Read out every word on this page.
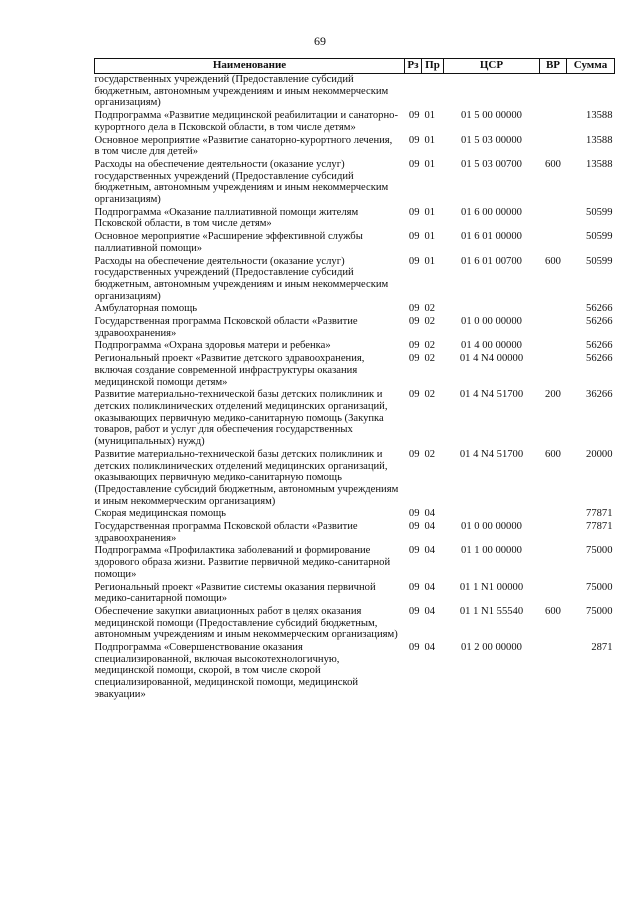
69
Наименование	Рз	Пр	ЦСР	ВР	Сумма
государственных учреждений (Предоставление субсидий бюджетным, автономным учреждениям и иным некоммерческим организациям)					
Подпрограмма «Развитие медицинской реабилитации и санаторно-курортного дела в Псковской области, в том числе детям»	09	01	01 5 00 00000		13588
Основное мероприятие «Развитие санаторно-курортного лечения, в том числе для детей»	09	01	01 5 03 00000		13588
Расходы на обеспечение деятельности (оказание услуг) государственных учреждений (Предоставление субсидий бюджетным, автономным учреждениям и иным некоммерческим организациям)	09	01	01 5 03 00700	600	13588
Подпрограмма «Оказание паллиативной помощи жителям Псковской области, в том числе детям»	09	01	01 6 00 00000		50599
Основное мероприятие «Расширение эффективной службы паллиативной помощи»	09	01	01 6 01 00000		50599
Расходы на обеспечение деятельности (оказание услуг) государственных учреждений (Предоставление субсидий бюджетным, автономным учреждениям и иным некоммерческим организациям)	09	01	01 6 01 00700	600	50599
Амбулаторная помощь	09	02			56266
Государственная программа Псковской области «Развитие здравоохранения»	09	02	01 0 00 00000		56266
Подпрограмма «Охрана здоровья матери и ребенка»	09	02	01 4 00 00000		56266
Региональный проект «Развитие детского здравоохранения, включая создание современной инфраструктуры оказания медицинской помощи детям»	09	02	01 4 N4 00000		56266
Развитие материально-технической базы детских поликлиник и детских поликлинических отделений медицинских организаций, оказывающих первичную медико-санитарную помощь (Закупка товаров, работ и услуг для обеспечения государственных (муниципальных) нужд)	09	02	01 4 N4 51700	200	36266
Развитие материально-технической базы детских поликлиник и детских поликлинических отделений медицинских организаций, оказывающих первичную медико-санитарную помощь (Предоставление субсидий бюджетным, автономным учреждениям и иным некоммерческим организациям)	09	02	01 4 N4 51700	600	20000
Скорая медицинская помощь	09	04			77871
Государственная программа Псковской области «Развитие здравоохранения»	09	04	01 0 00 00000		77871
Подпрограмма «Профилактика заболеваний и формирование здорового образа жизни. Развитие первичной медико-санитарной помощи»	09	04	01 1 00 00000		75000
Региональный проект «Развитие системы оказания первичной медико-санитарной помощи»	09	04	01 1 N1 00000		75000
Обеспечение закупки авиационных работ в целях оказания медицинской помощи (Предоставление субсидий бюджетным, автономным учреждениям и иным некоммерческим организациям)	09	04	01 1 N1 55540	600	75000
Подпрограмма «Совершенствование оказания специализированной, включая высокотехнологичную, медицинской помощи, скорой, в том числе скорой специализированной, медицинской помощи, медицинской эвакуации»	09	04	01 2 00 00000		2871
